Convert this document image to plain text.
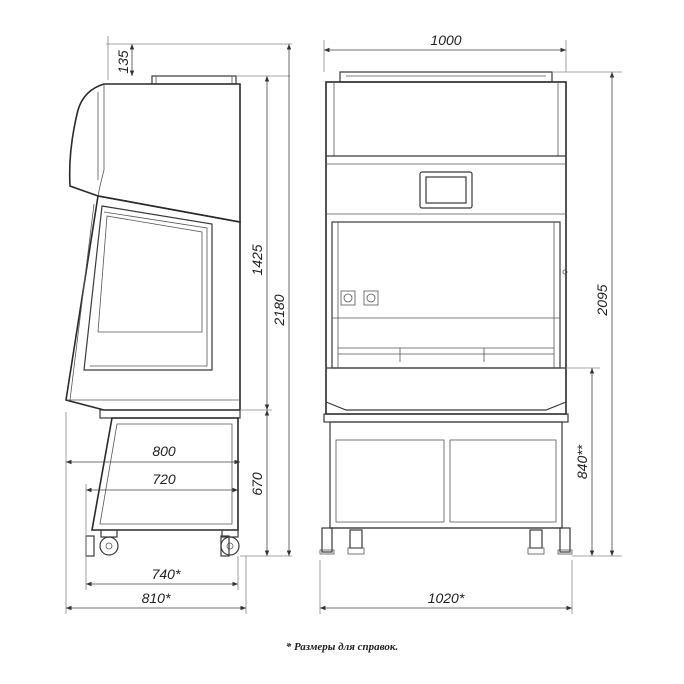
135
1425
2180
670
800
720
740*
810*
1000
2095
840**
1020*
* Размеры для справок.
